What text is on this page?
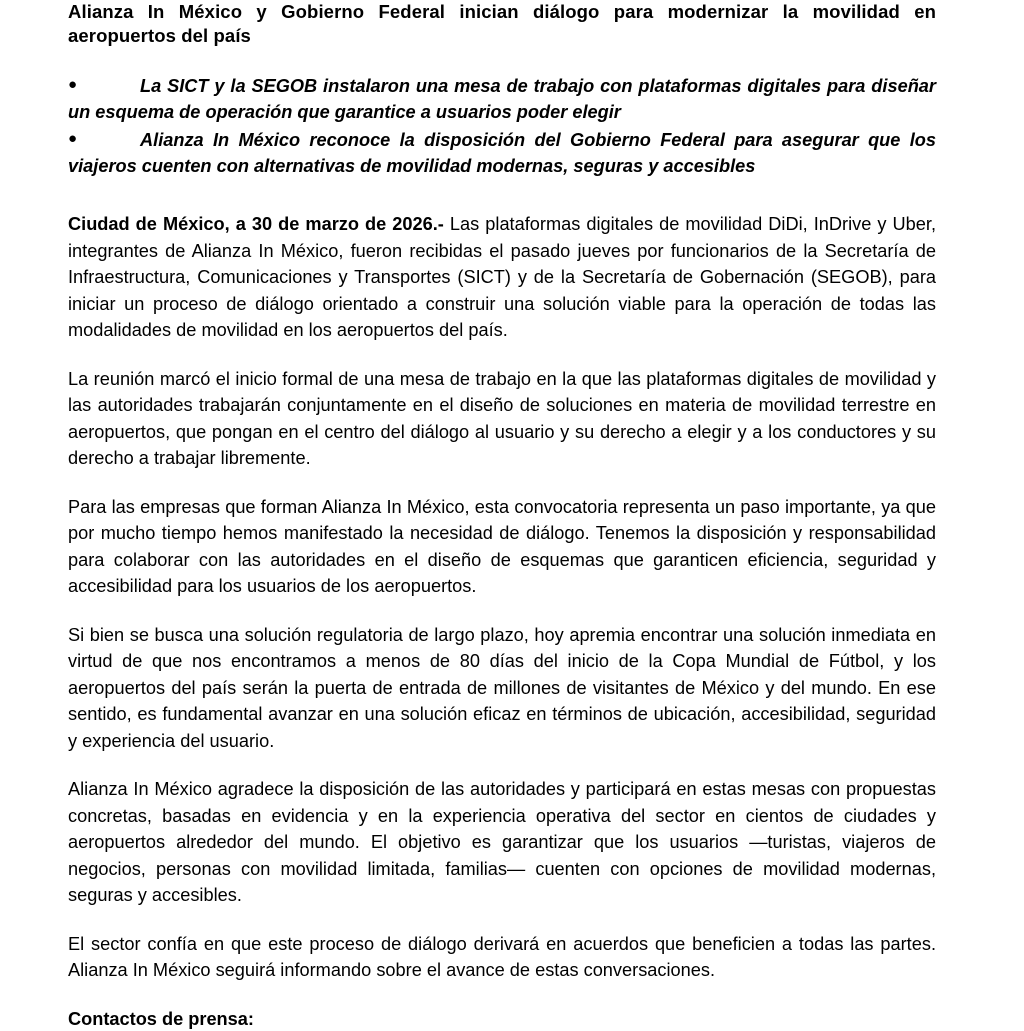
Alianza In México y Gobierno Federal inician diálogo para modernizar la movilidad en aeropuertos del país
●	La SICT y la SEGOB instalaron una mesa de trabajo con plataformas digitales para diseñar un esquema de operación que garantice a usuarios poder elegir
●	Alianza In México reconoce la disposición del Gobierno Federal para asegurar que los viajeros cuenten con alternativas de movilidad modernas, seguras y accesibles

Ciudad de México, a 30 de marzo de 2026.- Las plataformas digitales de movilidad DiDi, InDrive y Uber, integrantes de Alianza In México, fueron recibidas el pasado jueves por funcionarios de la Secretaría de Infraestructura, Comunicaciones y Transportes (SICT) y de la Secretaría de Gobernación (SEGOB), para iniciar un proceso de diálogo orientado a construir una solución viable para la operación de todas las modalidades de movilidad en los aeropuertos del país.

La reunión marcó el inicio formal de una mesa de trabajo en la que las plataformas digitales de movilidad y las autoridades trabajarán conjuntamente en el diseño de soluciones en materia de movilidad terrestre en aeropuertos, que pongan en el centro del diálogo al usuario y su derecho a elegir y a los conductores y su derecho a trabajar libremente.

Para las empresas que forman Alianza In México, esta convocatoria representa un paso importante, ya que por mucho tiempo hemos manifestado la necesidad de diálogo. Tenemos la disposición y responsabilidad para colaborar con las autoridades en el diseño de esquemas que garanticen eficiencia, seguridad y accesibilidad para los usuarios de los aeropuertos.

Si bien se busca una solución regulatoria de largo plazo, hoy apremia encontrar una solución inmediata en virtud de que nos encontramos a menos de 80 días del inicio de la Copa Mundial de Fútbol, y los aeropuertos del país serán la puerta de entrada de millones de visitantes de México y del mundo. En ese sentido, es fundamental avanzar en una solución eficaz en términos de ubicación, accesibilidad, seguridad y experiencia del usuario.

Alianza In México agradece la disposición de las autoridades y participará en estas mesas con propuestas concretas, basadas en evidencia y en la experiencia operativa del sector en cientos de ciudades y aeropuertos alrededor del mundo. El objetivo es garantizar que los usuarios —turistas, viajeros de negocios, personas con movilidad limitada, familias— cuenten con opciones de movilidad modernas, seguras y accesibles.

El sector confía en que este proceso de diálogo derivará en acuerdos que beneficien a todas las partes. Alianza In México seguirá informando sobre el avance de estas conversaciones.

Contactos de prensa:
